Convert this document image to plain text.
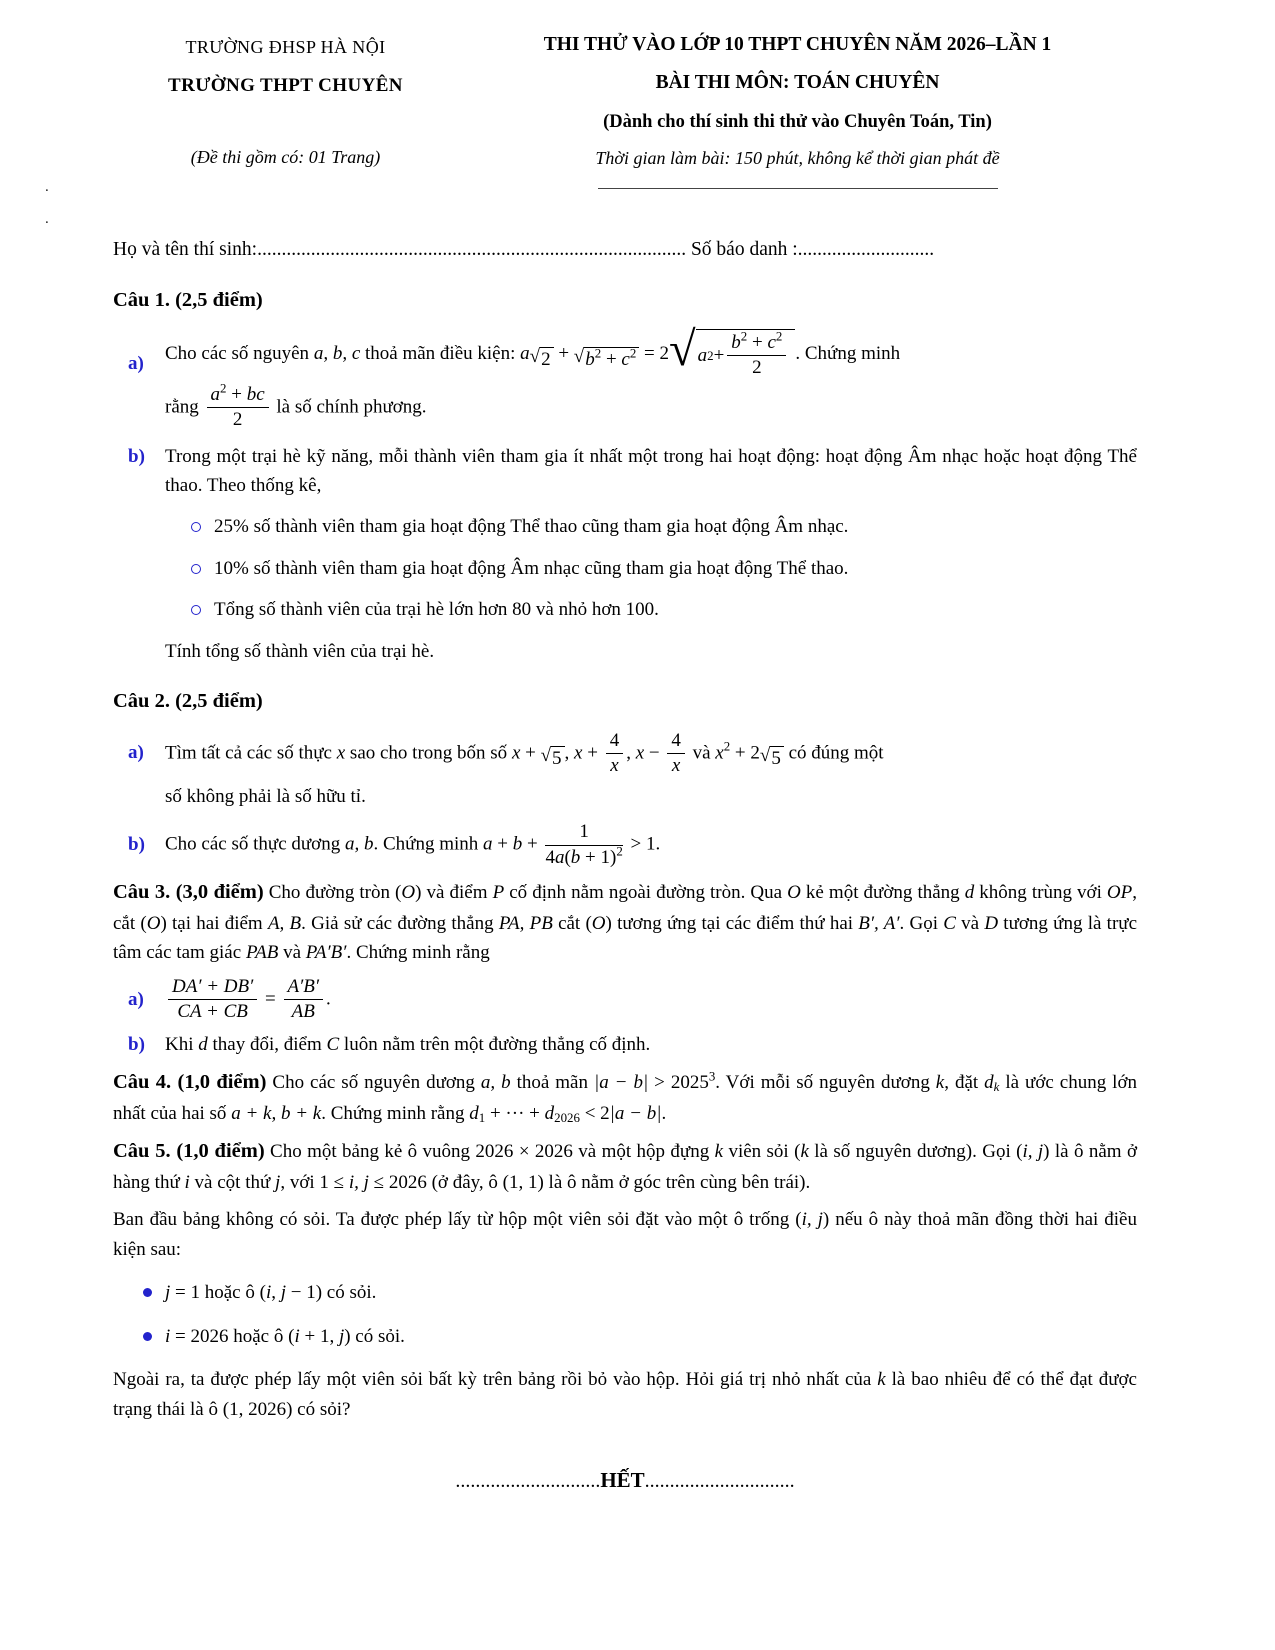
.
.
TRƯỜNG ĐHSP HÀ NỘI
TRƯỜNG THPT CHUYÊN
(Đề thi gồm có: 01 Trang)
THI THỬ VÀO LỚP 10 THPT CHUYÊN NĂM 2026–LẦN 1
BÀI THI MÔN: TOÁN CHUYÊN
(Dành cho thí sinh thi thử vào Chuyên Toán, Tin)
Thời gian làm bài: 150 phút, không kể thời gian phát đề
Họ và tên thí sinh:........................................................................................ Số báo danh :............................
Câu 1. (2,5 điểm)
a)	Cho các số nguyên a, b, c thoả mãn điều kiện: a √ 2 + √ $b^2 + c^2 = 2$ √ a $2 + \frac{b^2 + c^2}{2}$ . Chứng minh
rằng $\frac{a^2 + bc}{2}$ là số chính phương.
b)	Trong một trại hè kỹ năng, mỗi thành viên tham gia ít nhất một trong hai hoạt động: hoạt động Âm nhạc hoặc hoạt động Thể thao. Theo thống kê,
25% số thành viên tham gia hoạt động Thể thao cũng tham gia hoạt động Âm nhạc.
10% số thành viên tham gia hoạt động Âm nhạc cũng tham gia hoạt động Thể thao.
Tổng số thành viên của trại hè lớn hơn 80 và nhỏ hơn 100.
Tính tổng số thành viên của trại hè.
Câu 2. (2,5 điểm)
a)	Tìm tất cả các số thực x sao cho trong bốn số x + √ 5 , $x + \frac{4}{x}$ , $x - \frac{4}{x}$ và $x^2 + 2$ √ 5 có đúng một
số không phải là số hữu tỉ.
b)	Cho các số thực dương a, b. Chứng minh $a + b + \frac{1}{4a(b + 1)^2} > 1$.
Câu 3. (3,0 điểm) Cho đường tròn (O) và điểm P cố định nằm ngoài đường tròn. Qua O kẻ một đường thẳng d không trùng với OP, cắt (O) tại hai điểm A, B. Giả sử các đường thẳng PA, PB cắt (O) tương ứng tại các điểm thứ hai B′, A′. Gọi C và D tương ứng là trực tâm các tam giác PAB và PA′B′. Chứng minh rằng
a)	$\frac{DA' + DB'}{CA + CB} = \frac{A'B'}{AB}$ .
b)	Khi d thay đổi, điểm C luôn nằm trên một đường thẳng cố định.
Câu 4. (1,0 điểm) Cho các số nguyên dương a, b thoả mãn $|a - b| > 2025^3$. Với mỗi số nguyên dương k, đặt $d_k$ là ước chung lớn nhất của hai số a + k, b + k. Chứng minh rằng $d_1$ + ··· + $d_{2026} < 2|a - b|$.
Câu 5. (1,0 điểm) Cho một bảng kẻ ô vuông 2026 × 2026 và một hộp đựng k viên sỏi (k là số nguyên dương). Gọi (i, j) là ô nằm ở hàng thứ i và cột thứ j, với 1 ≤ i, j ≤ 2026 (ở đây, ô (1, 1) là ô nằm ở góc trên cùng bên trái).
Ban đầu bảng không có sỏi. Ta được phép lấy từ hộp một viên sỏi đặt vào một ô trống (i, j) nếu ô này thoả mãn đồng thời hai điều kiện sau:
j = 1 hoặc ô (i, j − 1) có sỏi.
i = 2026 hoặc ô (i + 1, j) có sỏi.
Ngoài ra, ta được phép lấy một viên sỏi bất kỳ trên bảng rồi bỏ vào hộp. Hỏi giá trị nhỏ nhất của k là bao nhiêu để có thể đạt được trạng thái là ô (1, 2026) có sỏi?
.............................HẾT..............................
